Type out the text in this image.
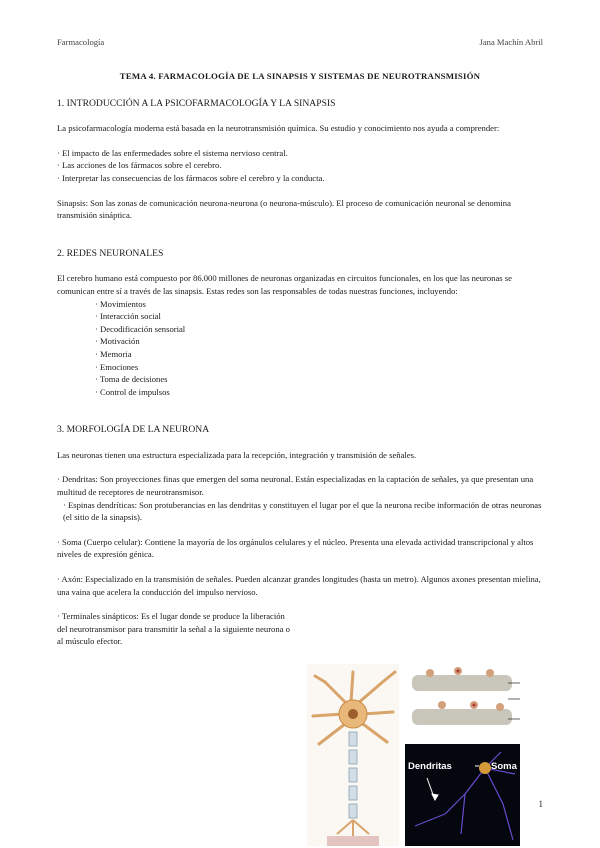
Farmacología	Jana Machín Abril

TEMA 4. FARMACOLOGÍA DE LA SINAPSIS Y SISTEMAS DE NEUROTRANSMISIÓN

1. INTRODUCCIÓN A LA PSICOFARMACOLOGÍA Y LA SINAPSIS

La psicofarmacología moderna está basada en la neurotransmisión química. Su estudio y conocimiento nos ayuda a comprender:

· El impacto de las enfermedades sobre el sistema nervioso central.

· Las acciones de los fármacos sobre el cerebro.

· Interpretar las consecuencias de los fármacos sobre el cerebro y la conducta.

Sinapsis: Son las zonas de comunicación neurona-neurona (o neurona-músculo). El proceso de comunicación neuronal se denomina transmisión sináptica.

2. REDES NEURONALES

El cerebro humano está compuesto por 86.000 millones de neuronas organizadas en circuitos funcionales, en los que las neuronas se comunican entre sí a través de las sinapsis. Estas redes son las responsables de todas nuestras funciones, incluyendo:

· Movimientos

· Interacción social

· Decodificación sensorial

· Motivación

· Memoria

· Emociones

· Toma de decisiones

· Control de impulsos

3. MORFOLOGÍA DE LA NEURONA

Las neuronas tienen una estructura especializada para la recepción, integración y transmisión de señales.

· Dendritas: Son proyecciones finas que emergen del soma neuronal. Están especializadas en la captación de señales, ya que presentan una multitud de receptores de neurotransmisor.

· Espinas dendríticas: Son protuberancias en las dendritas y constituyen el lugar por el que la neurona recibe información de otras neuronas (el sitio de la sinapsis).

· Soma (Cuerpo celular): Contiene la mayoría de los orgánulos celulares y el núcleo. Presenta una elevada actividad transcripcional y altos niveles de expresión génica.

· Axón: Especializado en la transmisión de señales. Pueden alcanzar grandes longitudes (hasta un metro). Algunos axones presentan mielina, una vaina que acelera la conducción del impulso nervioso.

· Terminales sinápticos: Es el lugar donde se produce la liberación del neurotransmisor para transmitir la señal a la siguiente neurona o al músculo efector.

Dendritas	Soma
1
